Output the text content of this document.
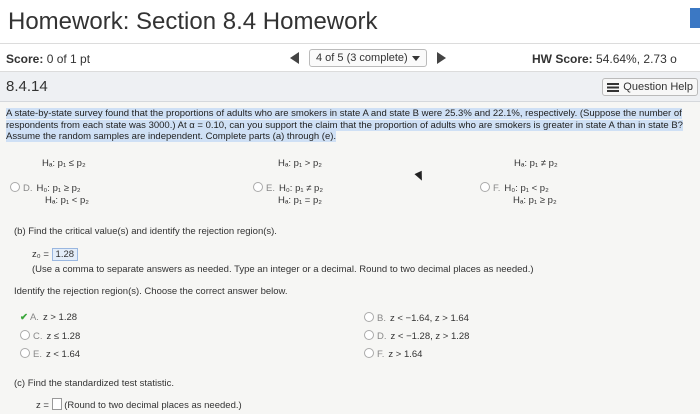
Homework: Section 8.4 Homework
Score: 0 of 1 pt	4 of 5 (3 complete)	HW Score: 54.64%, 2.73 o
8.4.14	Question Help
A state-by-state survey found that the proportions of adults who are smokers in state A and state B were 25.3% and 22.1%, respectively. (Suppose the number of respondents from each state was 3000.) At α = 0.10, can you support the claim that the proportion of adults who are smokers is greater in state A than in state B? Assume the random samples are independent. Complete parts (a) through (e).
Hₐ: p₁ ≤ p₂	Hₐ: p₁ > p₂	Hₐ: p₁ ≠ p₂
D. H₀: p₁ ≥ p₂
Hₐ: p₁ < p₂
E. H₀: p₁ ≠ p₂
Hₐ: p₁ = p₂
F. H₀: p₁ < p₂
Hₐ: p₁ ≥ p₂
(b) Find the critical value(s) and identify the rejection region(s).
z₀ = 1.28
(Use a comma to separate answers as needed. Type an integer or a decimal. Round to two decimal places as needed.)
Identify the rejection region(s). Choose the correct answer below.
✔ A. z > 1.28	B. z < −1.64, z > 1.64
C. z ≤ 1.28	D. z < −1.28, z > 1.28
E. z < 1.64	F. z > 1.64
(c) Find the standardized test statistic.
z = (Round to two decimal places as needed.)
